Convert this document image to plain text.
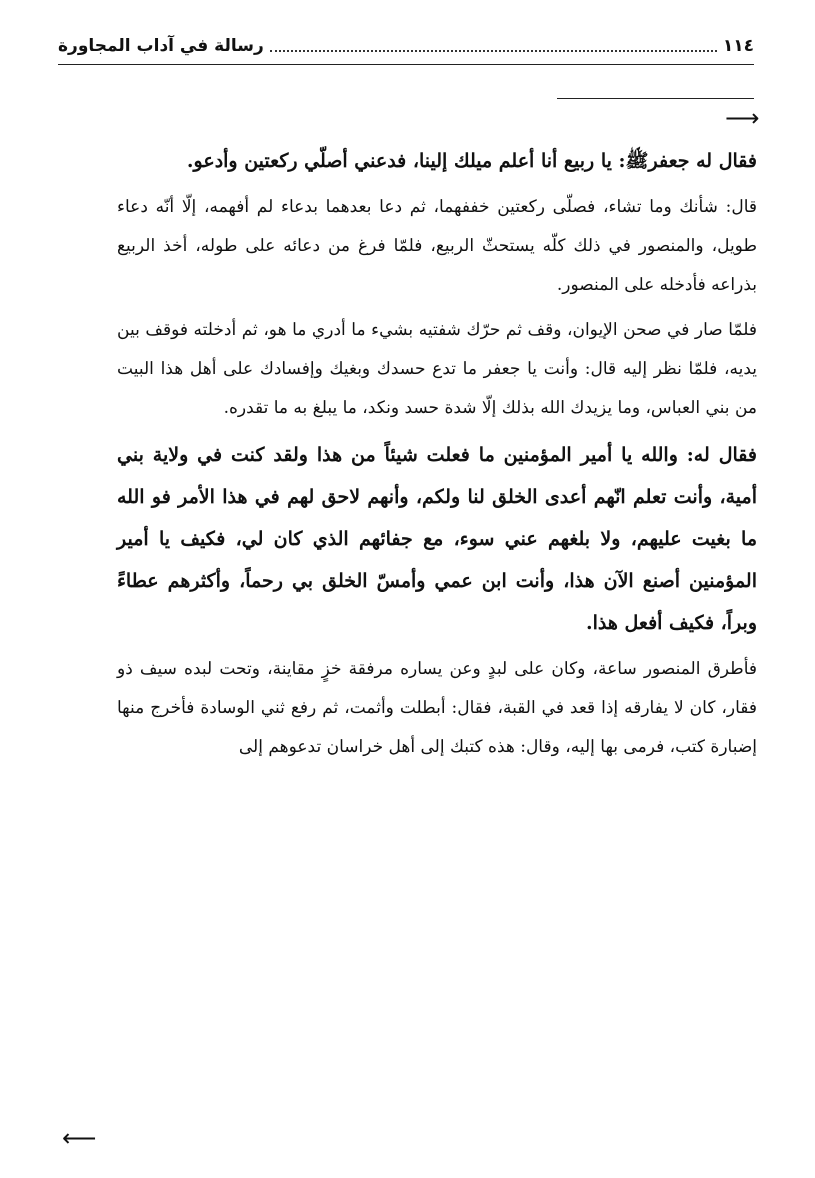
١١٤
رسالة في آداب المجاورة
⟶

فقال له جعفرﷺ: يا ربيع أنا أعلم ميلك إلينا، فدعني أصلّي ركعتين وأدعو.

قال: شأنك وما تشاء، فصلّى ركعتين خففهما، ثم دعا بعدهما بدعاء لم أفهمه، إلّا أنّه دعاء طويل، والمنصور في ذلك كلّه يستحثّ الربيع، فلمّا فرغ من دعائه على طوله، أخذ الربيع بذراعه فأدخله على المنصور.

فلمّا صار في صحن الإيوان، وقف ثم حرّك شفتيه بشيء ما أدري ما هو، ثم أدخلته فوقف بين يديه، فلمّا نظر إليه قال: وأنت يا جعفر ما تدع حسدك وبغيك وإفسادك على أهل هذا البيت من بني العباس، وما يزيدك الله بذلك إلّا شدة حسد ونكد، ما يبلغ به ما تقدره.

فقال له: والله يا أمير المؤمنين ما فعلت شيئاً من هذا ولقد كنت في ولاية بني أمية، وأنت تعلم انّهم أعدى الخلق لنا ولكم، وأنهم لاحق لهم في هذا الأمر فو الله ما بغيت عليهم، ولا بلغهم عني سوء، مع جفائهم الذي كان لي، فكيف يا أمير المؤمنين أصنع الآن هذا، وأنت ابن عمي وأمسّ الخلق بي رحماً، وأكثرهم عطاءً وبراً، فكيف أفعل هذا.

فأطرق المنصور ساعة، وكان على لبدٍ وعن يساره مرفقة خزٍ مقاينة، وتحت لبده سيف ذو فقار، كان لا يفارقه إذا قعد في القبة، فقال: أبطلت وأثمت، ثم رفع ثني الوسادة فأخرج منها إضبارة كتب، فرمى بها إليه، وقال: هذه كتبك إلى أهل خراسان تدعوهم إلى

⟵
